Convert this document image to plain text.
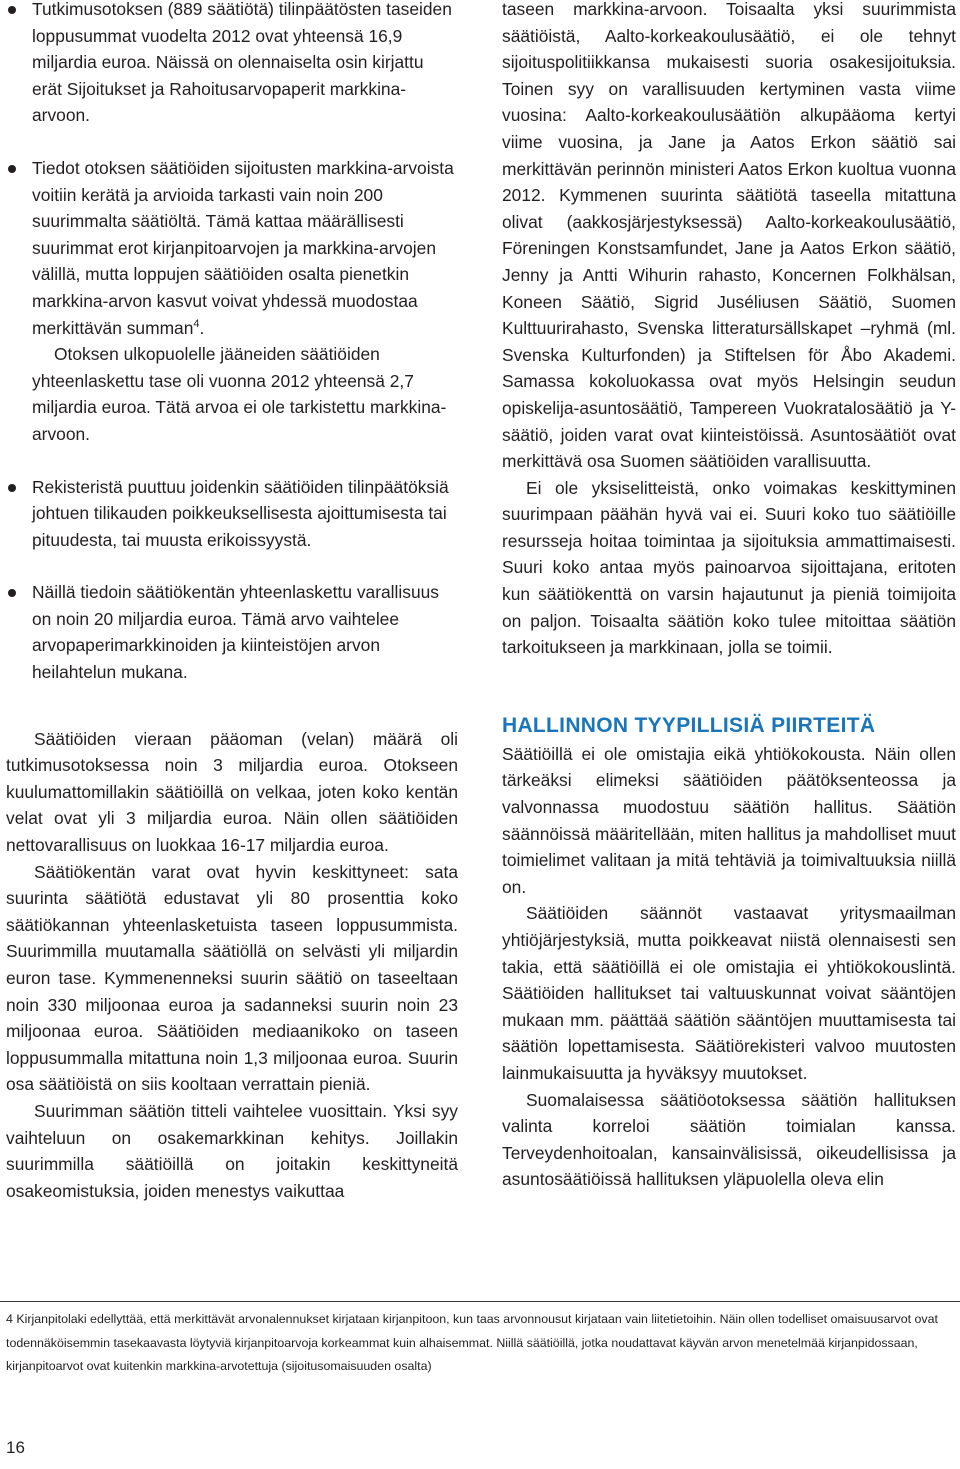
Tutkimusotoksen (889 säätiötä) tilinpäätösten taseiden loppusummat vuodelta 2012 ovat yhteensä 16,9 miljardia euroa. Näissä on olennaiselta osin kirjattu erät Sijoitukset ja Rahoitusarvopaperit markkina-arvoon.

Tiedot otoksen säätiöiden sijoitusten markkina-arvoista voitiin kerätä ja arvioida tarkasti vain noin 200 suurimmalta säätiöltä. Tämä kattaa määrällisesti suurimmat erot kirjanpitoarvojen ja markkina-arvojen välillä, mutta loppujen säätiöiden osalta pienetkin markkina-arvon kasvut voivat yhdessä muodostaa merkittävän summan$^4$.

Otoksen ulkopuolelle jääneiden säätiöiden yhteenlaskettu tase oli vuonna 2012 yhteensä 2,7 miljardia euroa. Tätä arvoa ei ole tarkistettu markkina-arvoon.

Rekisteristä puuttuu joidenkin säätiöiden tilinpäätöksiä johtuen tilikauden poikkeuksellisesta ajoittumisesta tai pituudesta, tai muusta erikoissyystä.

Näillä tiedoin säätiökentän yhteenlaskettu varallisuus on noin 20 miljardia euroa. Tämä arvo vaihtelee arvopaperimarkkinoiden ja kiinteistöjen arvon heilahtelun mukana.

Säätiöiden vieraan pääoman (velan) määrä oli tutkimusotoksessa noin 3 miljardia euroa. Otokseen kuulumattomillakin säätiöillä on velkaa, joten koko kentän velat ovat yli 3 miljardia euroa. Näin ollen säätiöiden nettovarallisuus on luokkaa 16-17 miljardia euroa.

Säätiökentän varat ovat hyvin keskittyneet: sata suurinta säätiötä edustavat yli 80 prosenttia koko säätiökannan yhteenlasketuista taseen loppusummista. Suurimmilla muutamalla säätiöllä on selvästi yli miljardin euron tase. Kymmenenneksi suurin säätiö on taseeltaan noin 330 miljoonaa euroa ja sadanneksi suurin noin 23 miljoonaa euroa. Säätiöiden mediaanikoko on taseen loppusummalla mitattuna noin 1,3 miljoonaa euroa. Suurin osa säätiöistä on siis kooltaan verrattain pieniä.

Suurimman säätiön titteli vaihtelee vuosittain. Yksi syy vaihteluun on osakemarkkinan kehitys. Joillakin suurimmilla säätiöillä on joitakin keskittyneitä osakeomistuksia, joiden menestys vaikuttaa

taseen markkina-arvoon. Toisaalta yksi suurimmista säätiöistä, Aalto-korkeakoulusäätiö, ei ole tehnyt sijoituspolitiikkansa mukaisesti suoria osakesijoituksia. Toinen syy on varallisuuden kertyminen vasta viime vuosina: Aalto-korkeakoulusäätiön alkupääoma kertyi viime vuosina, ja Jane ja Aatos Erkon säätiö sai merkittävän perinnön ministeri Aatos Erkon kuoltua vuonna 2012. Kymmenen suurinta säätiötä taseella mitattuna olivat (aakkosjärjestyksessä) Aalto-korkeakoulusäätiö, Föreningen Konstsamfundet, Jane ja Aatos Erkon säätiö, Jenny ja Antti Wihurin rahasto, Koncernen Folkhälsan, Koneen Säätiö, Sigrid Juséliusen Säätiö, Suomen Kulttuurirahasto, Svenska litteratursällskapet –ryhmä (ml. Svenska Kulturfonden) ja Stiftelsen för Åbo Akademi. Samassa kokoluokassa ovat myös Helsingin seudun opiskelija-asuntosäätiö, Tampereen Vuokratalosäätiö ja Y-säätiö, joiden varat ovat kiinteistöissä. Asuntosäätiöt ovat merkittävä osa Suomen säätiöiden varallisuutta.

Ei ole yksiselitteistä, onko voimakas keskittyminen suurimpaan päähän hyvä vai ei. Suuri koko tuo säätiöille resursseja hoitaa toimintaa ja sijoituksia ammattimaisesti. Suuri koko antaa myös painoarvoa sijoittajana, eritoten kun säätiökenttä on varsin hajautunut ja pieniä toimijoita on paljon. Toisaalta säätiön koko tulee mitoittaa säätiön tarkoitukseen ja markkinaan, jolla se toimii.

HALLINNON TYYPILLISIÄ PIIRTEITÄ

Säätiöillä ei ole omistajia eikä yhtiökokousta. Näin ollen tärkeäksi elimeksi säätiöiden päätöksenteossa ja valvonnassa muodostuu säätiön hallitus. Säätiön säännöissä määritellään, miten hallitus ja mahdolliset muut toimielimet valitaan ja mitä tehtäviä ja toimivaltuuksia niillä on.

Säätiöiden säännöt vastaavat yritysmaailman yhtiöjärjestyksiä, mutta poikkeavat niistä olennaisesti sen takia, että säätiöillä ei ole omistajia ei yhtiökokouslintä. Säätiöiden hallitukset tai valtuuskunnat voivat sääntöjen mukaan mm. päättää säätiön sääntöjen muuttamisesta tai säätiön lopettamisesta. Säätiörekisteri valvoo muutosten lainmukaisuutta ja hyväksyy muutokset.

Suomalaisessa säätiöotoksessa säätiön hallituksen valinta korreloi säätiön toimialan kanssa. Terveydenhoitoalan, kansainvälisissä, oikeudellisissa ja asuntosäätiöissä hallituksen yläpuolella oleva elin

4 Kirjanpitolaki edellyttää, että merkittävät arvonalennukset kirjataan kirjanpitoon, kun taas arvonnousut kirjataan vain liitetietoihin. Näin ollen todelliset omaisuusarvot ovat todennäköisemmin tasekaavasta löytyviä kirjanpitoarvoja korkeammat kuin alhaisemmat. Niillä säätiöillä, jotka noudattavat käyvän arvon menetelmää kirjanpidossaan, kirjanpitoarvot ovat kuitenkin markkina-arvotettuja (sijoitusomaisuuden osalta)

16
